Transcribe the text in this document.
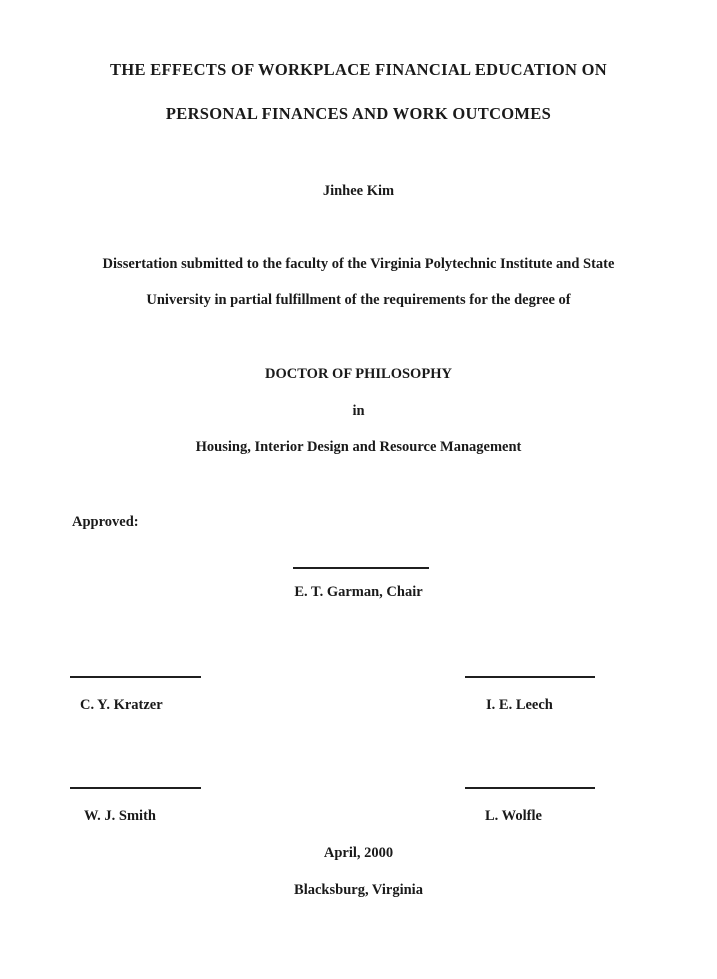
THE EFFECTS OF WORKPLACE FINANCIAL EDUCATION ON
PERSONAL FINANCES AND WORK OUTCOMES
Jinhee Kim
Dissertation submitted to the faculty of the Virginia Polytechnic Institute and State
University in partial fulfillment of the requirements for the degree of
DOCTOR OF PHILOSOPHY
in
Housing, Interior Design and Resource Management
Approved:
E. T. Garman, Chair
C. Y. Kratzer	I. E. Leech
W. J. Smith	L. Wolfle
April, 2000
Blacksburg, Virginia
